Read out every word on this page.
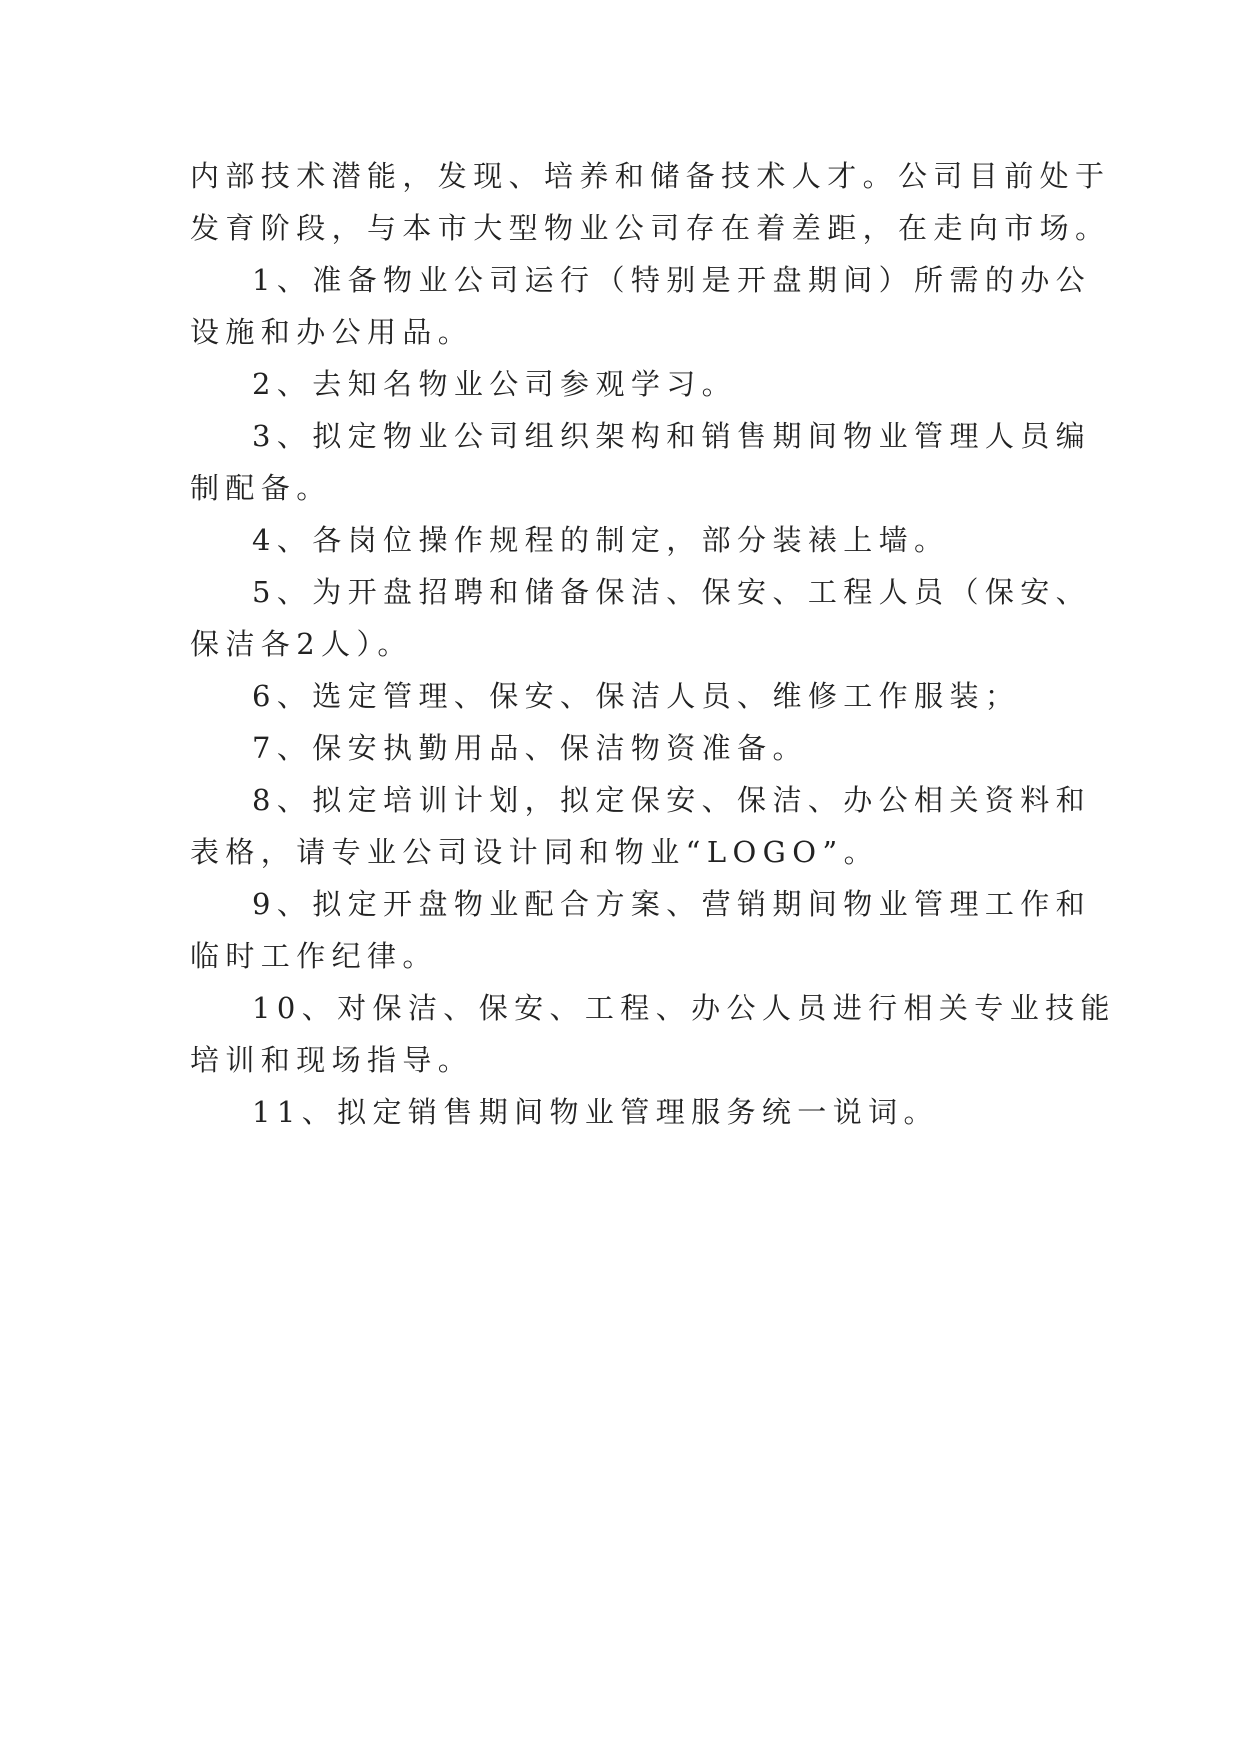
内部技术潜能，发现、培养和储备技术人才。公司目前处于
发育阶段，与本市大型物业公司存在着差距，在走向市场。
1、准备物业公司运行（特别是开盘期间）所需的办公
设施和办公用品。
2、去知名物业公司参观学习。
3、拟定物业公司组织架构和销售期间物业管理人员编
制配备。
4、各岗位操作规程的制定，部分装裱上墙。
5、为开盘招聘和储备保洁、保安、工程人员（保安、
保洁各2人）。
6、选定管理、保安、保洁人员、维修工作服装；
7、保安执勤用品、保洁物资准备。
8、拟定培训计划，拟定保安、保洁、办公相关资料和
表格，请专业公司设计同和物业“LOGO”。
9、拟定开盘物业配合方案、营销期间物业管理工作和
临时工作纪律。
10、对保洁、保安、工程、办公人员进行相关专业技能
培训和现场指导。
11、拟定销售期间物业管理服务统一说词。
